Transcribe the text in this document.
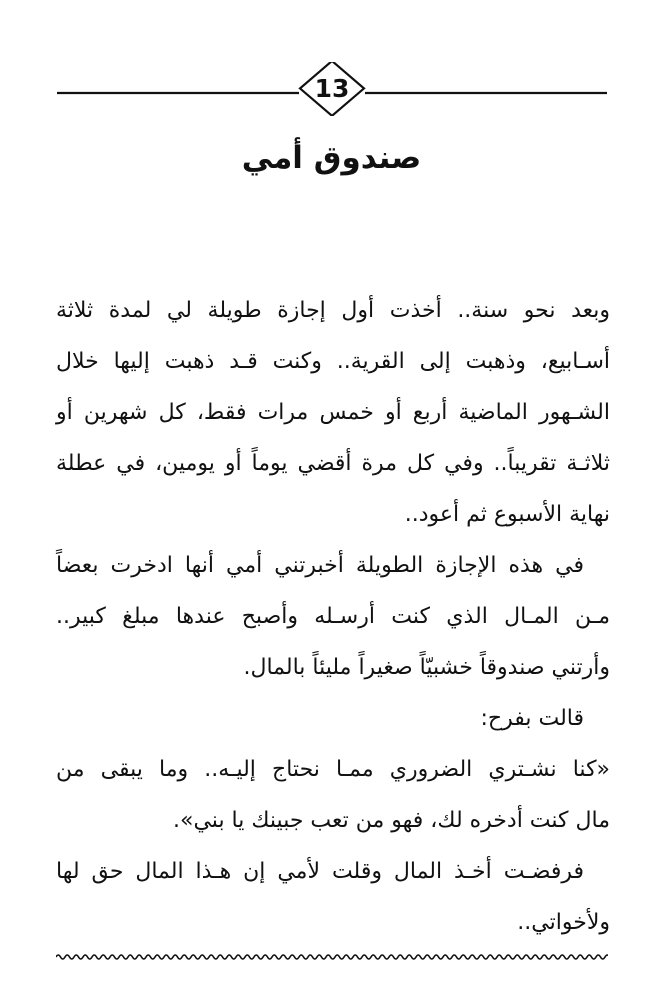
13
صندوق أمي
وبعد نحو سنة.. أخذت أول إجازة طويلة لي لمدة ثلاثة
أسـابيع، وذهبت إلى القرية.. وكنت قـد ذهبت إليها خلال
الشـهور الماضية أربع أو خمس مرات فقط، كل شهرين أو
ثلاثـة تقريباً.. وفي كل مرة أقضي يوماً أو يومين، في عطلة
نهاية الأسبوع ثم أعود..
في هذه الإجازة الطويلة أخبرتني أمي أنها ادخرت بعضاً
مـن المـال الذي كنت أرسـله وأصبح عندها مبلغ كبير..
وأرتني صندوقاً خشبيّاً صغيراً مليئاً بالمال.
قالت بفرح:
«كنا نشـتري الضروري ممـا نحتاج إليـه.. وما يبقى من
مال كنت أدخره لك، فهو من تعب جبينك يا بني».
فرفضـت أخـذ المال وقلت لأمي إن هـذا المال حق لها
ولأخواتي..
